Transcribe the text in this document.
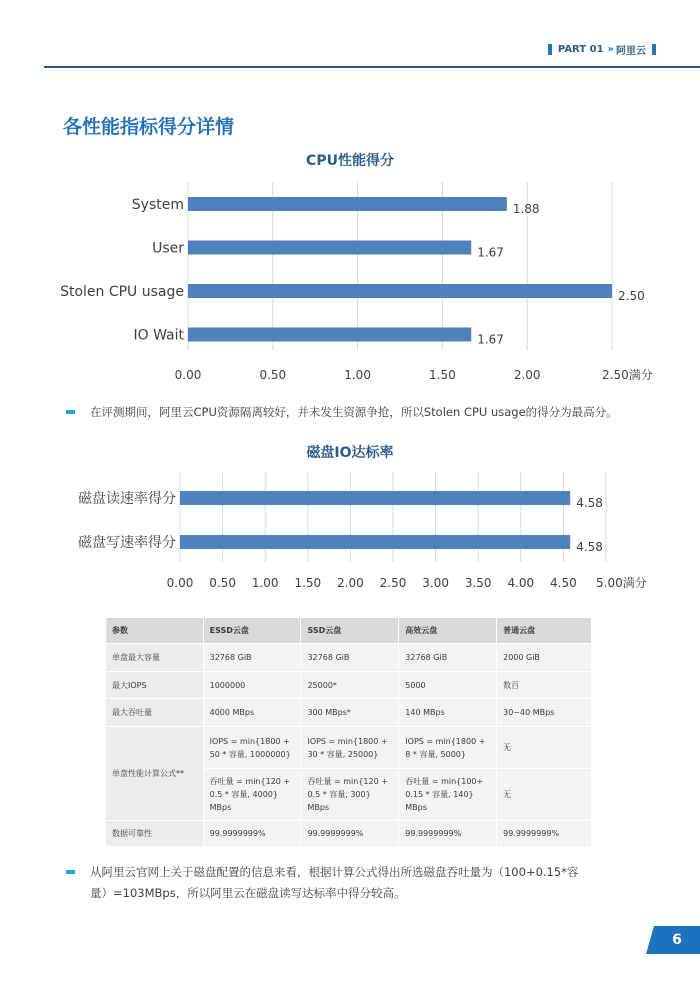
PART 01 » 阿里云
各性能指标得分详情
CPU性能得分
0.00	0.50	1.00	1.50	2.00	2.50满分
System	1.88
User	1.67
Stolen CPU usage	2.50
IO Wait	1.67
在评测期间，阿里云CPU资源隔离较好，并未发生资源争抢，所以Stolen CPU usage的得分为最高分。
磁盘IO达标率
0.00 0.50 1.00 1.50 2.00 2.50 3.00 3.50 4.00 4.50 5.00满分
磁盘读速率得分	4.58
磁盘写速率得分	4.58
参数	ESSD云盘	SSD云盘	高效云盘	普通云盘
单盘最大容量	32768 GiB	32768 GiB	32768 GiB	2000 GiB
最大IOPS	1000000	25000*	5000	数百
最大吞吐量	4000 MBps	300 MBps*	140 MBps	30~40 MBps
单盘性能计算公式**	IOPS = min{1800 + 50 * 容量, 1000000}	IOPS = min{1800 + 30 * 容量, 25000}	IOPS = min{1800 + 8 * 容量, 5000}	无
	吞吐量 = min{120 + 0.5 * 容量, 4000} MBps	吞吐量 = min{120 + 0.5 * 容量, 300} MBps	吞吐量 = min{100+ 0.15 * 容量, 140} MBps	无
数据可靠性	99.9999999%	99.9999999%	99.9999999%	99.9999999%
从阿里云官网上关于磁盘配置的信息来看，根据计算公式得出所选磁盘吞吐量为（100+0.15*容
量）=103MBps，所以阿里云在磁盘读写达标率中得分较高。
6
